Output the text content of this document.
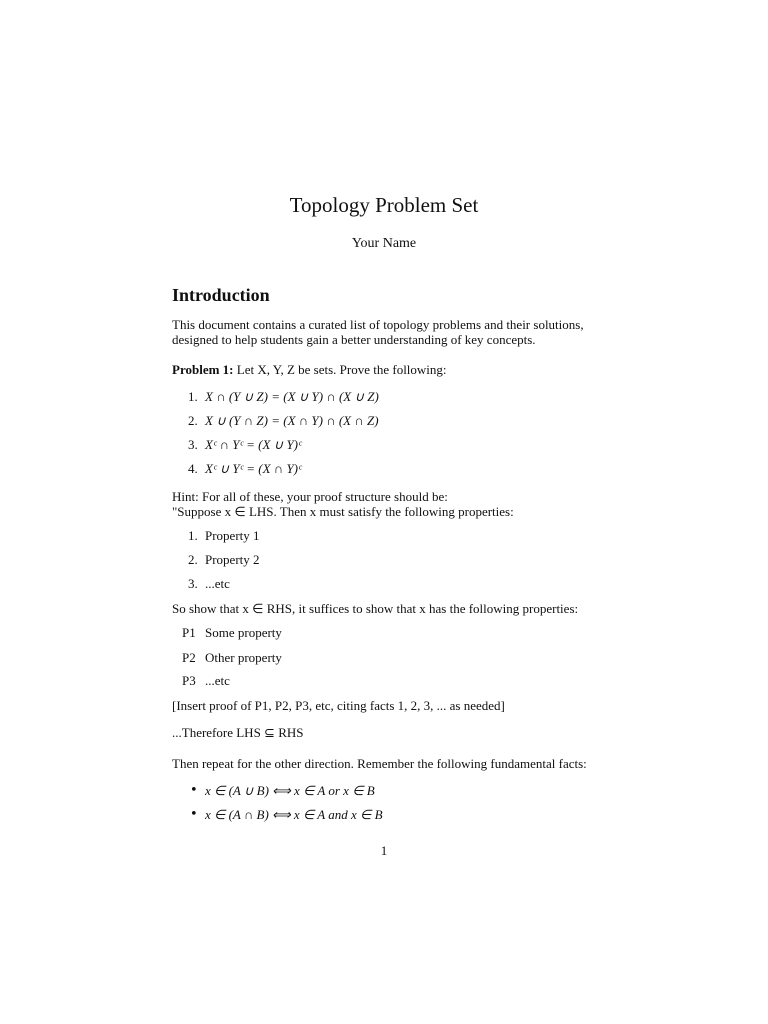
Topology Problem Set
Your Name
Introduction
This document contains a curated list of topology problems and their solutions, designed to help students gain a better understanding of key concepts.
Problem 1: Let X, Y, Z be sets. Prove the following:
1. X ∩ (Y ∪ Z) = (X ∪ Y) ∩ (X ∪ Z)
2. X ∪ (Y ∩ Z) = (X ∩ Y) ∩ (X ∩ Z)
3. Xᶜ ∩ Yᶜ = (X ∪ Y)ᶜ
4. Xᶜ ∪ Yᶜ = (X ∩ Y)ᶜ
Hint: For all of these, your proof structure should be:
"Suppose x ∈ LHS. Then x must satisfy the following properties:
1. Property 1
2. Property 2
3. ...etc
So show that x ∈ RHS, it suffices to show that x has the following properties:
P1 Some property
P2 Other property
P3 ...etc
[Insert proof of P1, P2, P3, etc, citing facts 1, 2, 3, ... as needed]
...Therefore LHS ⊆ RHS
Then repeat for the other direction. Remember the following fundamental facts:
• x ∈ (A ∪ B) ⟺ x ∈ A or x ∈ B
• x ∈ (A ∩ B) ⟺ x ∈ A and x ∈ B
1
